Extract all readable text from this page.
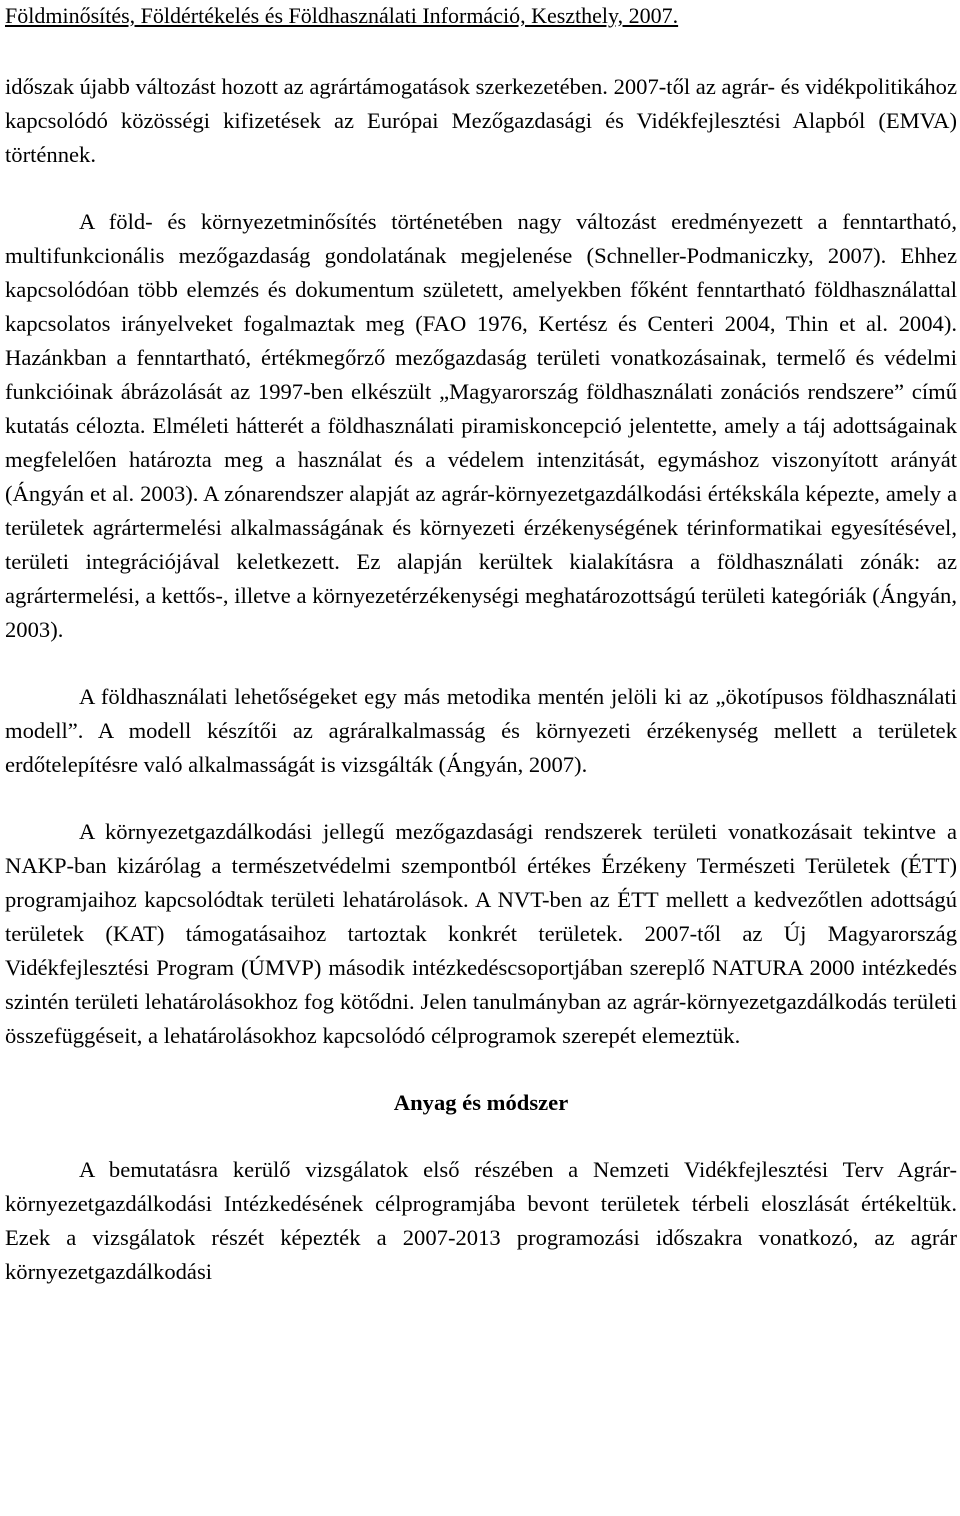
Földminősítés, Földértékelés és Földhasználati Információ, Keszthely, 2007.

időszak újabb változást hozott az agrártámogatások szerkezetében. 2007-től az agrár- és vidékpolitikához kapcsolódó közösségi kifizetések az Európai Mezőgazdasági és Vidékfejlesztési Alapból (EMVA) történnek.

A föld- és környezetminősítés történetében nagy változást eredményezett a fenntartható, multifunkcionális mezőgazdaság gondolatának megjelenése (Schneller-Podmaniczky, 2007). Ehhez kapcsolódóan több elemzés és dokumentum született, amelyekben főként fenntartható földhasználattal kapcsolatos irányelveket fogalmaztak meg (FAO 1976, Kertész és Centeri 2004, Thin et al. 2004). Hazánkban a fenntartható, értékmegőrző mezőgazdaság területi vonatkozásainak, termelő és védelmi funkcióinak ábrázolását az 1997-ben elkészült „Magyarország földhasználati zonációs rendszere” című kutatás célozta. Elméleti hátterét a földhasználati piramiskoncepció jelentette, amely a táj adottságainak megfelelően határozta meg a használat és a védelem intenzitását, egymáshoz viszonyított arányát (Ángyán et al. 2003). A zónarendszer alapját az agrár-környezetgazdálkodási értékskála képezte, amely a területek agrártermelési alkalmasságának és környezeti érzékenységének térinformatikai egyesítésével, területi integrációjával keletkezett. Ez alapján kerültek kialakításra a földhasználati zónák: az agrártermelési, a kettős-, illetve a környezetérzékenységi meghatározottságú területi kategóriák (Ángyán, 2003).

A földhasználati lehetőségeket egy más metodika mentén jelöli ki az „ökotípusos földhasználati modell”. A modell készítői az agráralkalmasság és környezeti érzékenység mellett a területek erdőtelepítésre való alkalmasságát is vizsgálták (Ángyán, 2007).

A környezetgazdálkodási jellegű mezőgazdasági rendszerek területi vonatkozásait tekintve a NAKP-ban kizárólag a természetvédelmi szempontból értékes Érzékeny Természeti Területek (ÉTT) programjaihoz kapcsolódtak területi lehatárolások. A NVT-ben az ÉTT mellett a kedvezőtlen adottságú területek (KAT) támogatásaihoz tartoztak konkrét területek. 2007-től az Új Magyarország Vidékfejlesztési Program (ÚMVP) második intézkedéscsoportjában szereplő NATURA 2000 intézkedés szintén területi lehatárolásokhoz fog kötődni. Jelen tanulmányban az agrár-környezetgazdálkodás területi összefüggéseit, a lehatárolásokhoz kapcsolódó célprogramok szerepét elemeztük.

Anyag és módszer

A bemutatásra kerülő vizsgálatok első részében a Nemzeti Vidékfejlesztési Terv Agrár-környezetgazdálkodási Intézkedésének célprogramjába bevont területek térbeli eloszlását értékeltük. Ezek a vizsgálatok részét képezték a 2007-2013 programozási időszakra vonatkozó, az agrár környezetgazdálkodási
